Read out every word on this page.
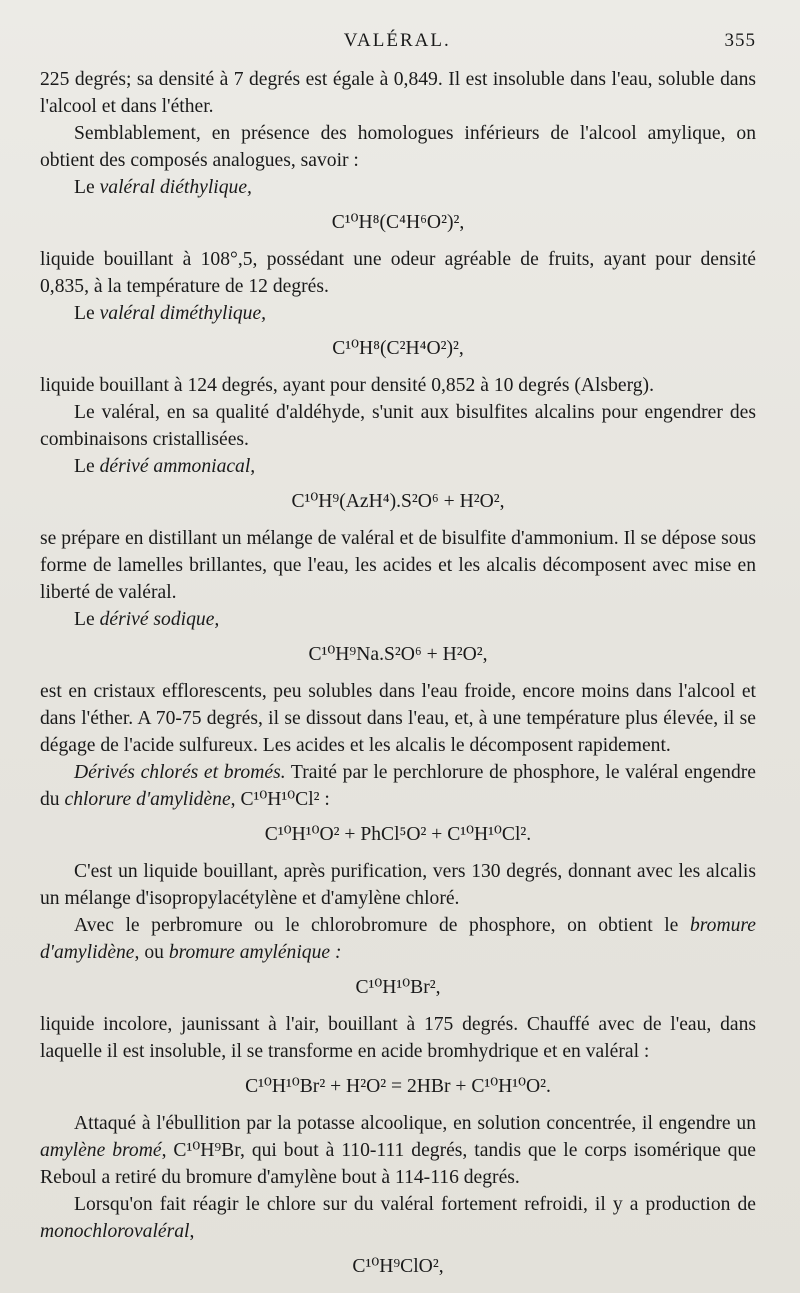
VALÉRAL.	355

225 degrés; sa densité à 7 degrés est égale à 0,849. Il est insoluble dans l'eau, soluble dans l'alcool et dans l'éther.

Semblablement, en présence des homologues inférieurs de l'alcool amylique, on obtient des composés analogues, savoir :

Le valéral diéthylique,

C¹⁰H⁸(C⁴H⁶O²)²,

liquide bouillant à 108°,5, possédant une odeur agréable de fruits, ayant pour densité 0,835, à la température de 12 degrés.

Le valéral diméthylique,

C¹⁰H⁸(C²H⁴O²)²,

liquide bouillant à 124 degrés, ayant pour densité 0,852 à 10 degrés (Alsberg).

Le valéral, en sa qualité d'aldéhyde, s'unit aux bisulfites alcalins pour engendrer des combinaisons cristallisées.

Le dérivé ammoniacal,

C¹⁰H⁹(AzH⁴).S²O⁶ + H²O²,

se prépare en distillant un mélange de valéral et de bisulfite d'ammonium. Il se dépose sous forme de lamelles brillantes, que l'eau, les acides et les alcalis décomposent avec mise en liberté de valéral.

Le dérivé sodique,

C¹⁰H⁹Na.S²O⁶ + H²O²,

est en cristaux efflorescents, peu solubles dans l'eau froide, encore moins dans l'alcool et dans l'éther. A 70-75 degrés, il se dissout dans l'eau, et, à une température plus élevée, il se dégage de l'acide sulfureux. Les acides et les alcalis le décomposent rapidement.

Dérivés chlorés et bromés. Traité par le perchlorure de phosphore, le valéral engendre du chlorure d'amylidène, C¹⁰H¹⁰Cl² :

C¹⁰H¹⁰O² + PhCl⁵O² + C¹⁰H¹⁰Cl².

C'est un liquide bouillant, après purification, vers 130 degrés, donnant avec les alcalis un mélange d'isopropylacétylène et d'amylène chloré.

Avec le perbromure ou le chlorobromure de phosphore, on obtient le bromure d'amylidène, ou bromure amylénique :

C¹⁰H¹⁰Br²,

liquide incolore, jaunissant à l'air, bouillant à 175 degrés. Chauffé avec de l'eau, dans laquelle il est insoluble, il se transforme en acide bromhydrique et en valéral :

C¹⁰H¹⁰Br² + H²O² = 2HBr + C¹⁰H¹⁰O².

Attaqué à l'ébullition par la potasse alcoolique, en solution concentrée, il engendre un amylène bromé, C¹⁰H⁹Br, qui bout à 110-111 degrés, tandis que le corps isomérique que Reboul a retiré du bromure d'amylène bout à 114-116 degrés.

Lorsqu'on fait réagir le chlore sur du valéral fortement refroidi, il y a production de monochlorovaléral,

C¹⁰H⁹ClO²,
